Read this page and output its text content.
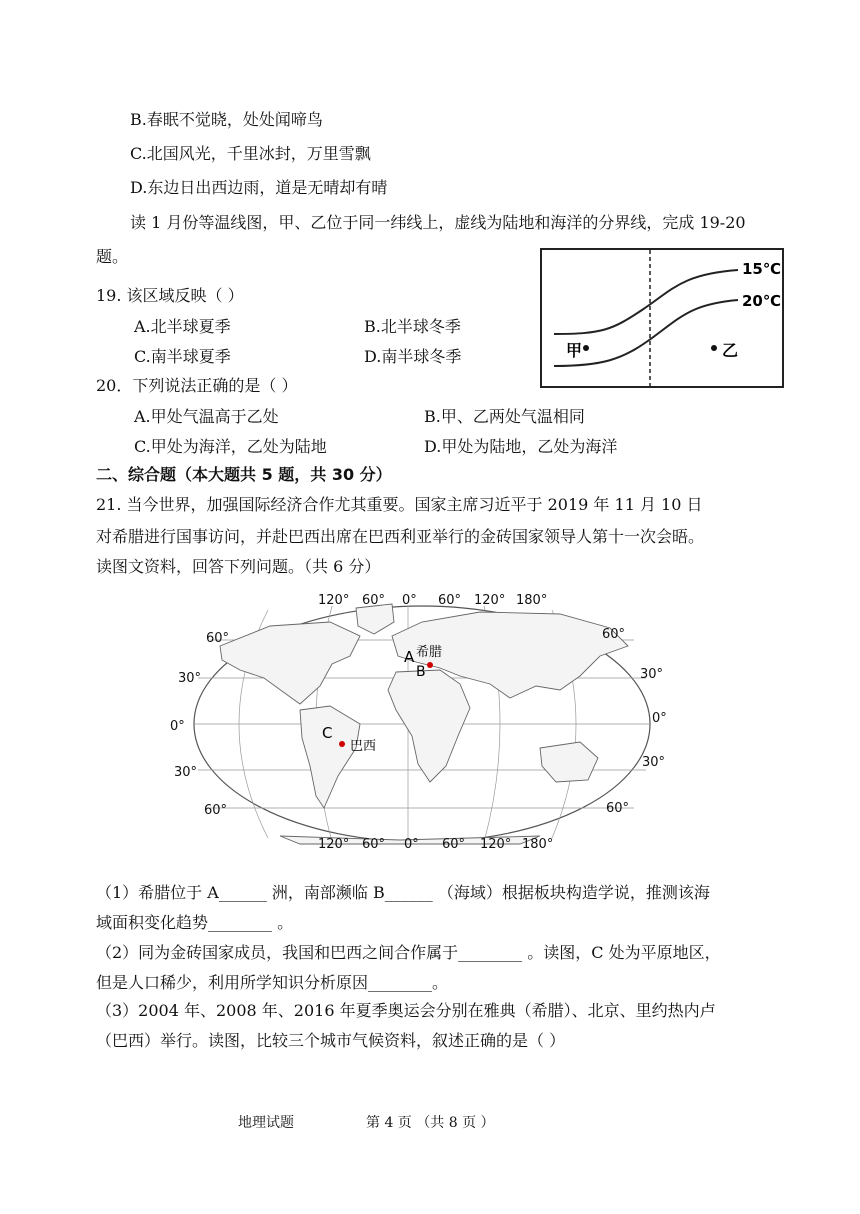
B.春眠不觉晓，处处闻啼鸟
C.北国风光，千里冰封，万里雪飘
D.东边日出西边雨，道是无晴却有晴
读 1 月份等温线图，甲、乙位于同一纬线上，虚线为陆地和海洋的分界线，完成 19-20
题。
19. 该区域反映（ ）
A.北半球夏季	B.北半球冬季
C.南半球夏季	D.南半球冬季
20．下列说法正确的是（ ）
A.甲处气温高于乙处	B.甲、乙两处气温相同
C.甲处为海洋，乙处为陆地	D.甲处为陆地，乙处为海洋
二、综合题（本大题共 5 题，共 30 分）
21. 当今世界，加强国际经济合作尤其重要。国家主席习近平于 2019 年 11 月 10 日
对希腊进行国事访问，并赴巴西出席在巴西利亚举行的金砖国家领导人第十一次会晤。
读图文资料，回答下列问题。（共 6 分）
15℃
20℃
甲	乙
120° 60° 0° 60° 120° 180°
120° 60° 0° 60° 120° 180°
60°
30°
0°
30°
60°
60°
30°
0°
30°
60°
A 希腊
B
C
巴西
（1）希腊位于 A______ 洲，南部濒临 B______ （海域）根据板块构造学说，推测该海
域面积变化趋势________ 。
（2）同为金砖国家成员，我国和巴西之间合作属于________ 。读图，C 处为平原地区，
但是人口稀少，利用所学知识分析原因________。
（3）2004 年、2008 年、2016 年夏季奥运会分别在雅典（希腊）、北京、里约热内卢
（巴西）举行。读图，比较三个城市气候资料，叙述正确的是（ ）
地理试题	第 4 页 （共 8 页 ）
